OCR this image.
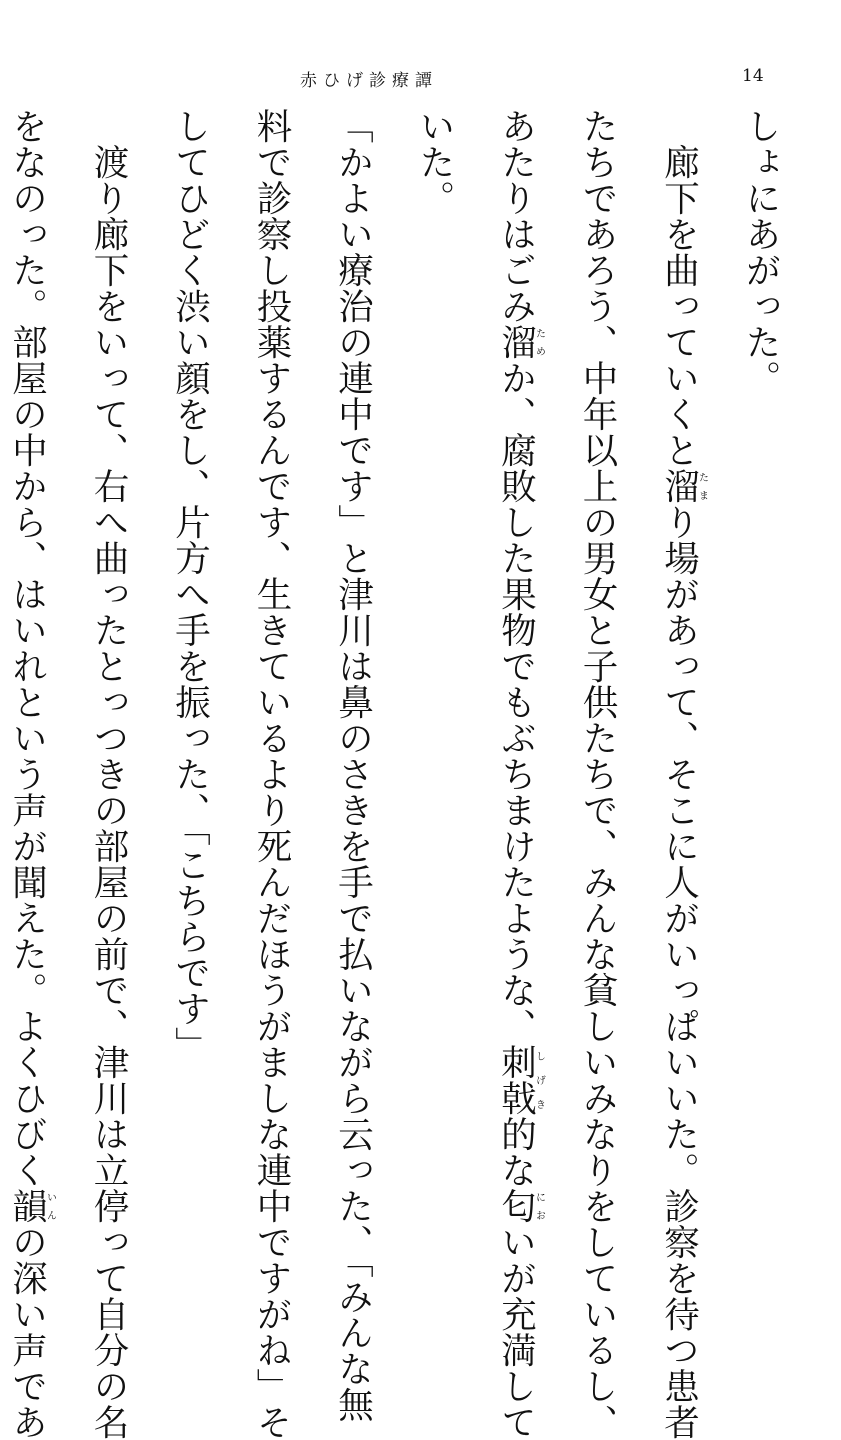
赤ひげ診療譚	14
しょにあがった。
　廊下を曲っていくと溜たまり場があって、そこに人がいっぱいいた。診察を待つ患者
たちであろう、中年以上の男女と子供たちで、みんな貧しいみなりをしているし、
あたりはごみ溜ためか、腐敗した果物でもぶちまけたような、刺戟しげき的な匂においが充満して
いた。
「かよい療治の連中です」と津川は鼻のさきを手で払いながら云った、「みんな無
料で診察し投薬するんです、生きているより死んだほうがましな連中ですがね」そ
してひどく渋い顔をし、片方へ手を振った、「こちらです」
　渡り廊下をいって、右へ曲ったとっつきの部屋の前で、津川は立停って自分の名
をなのった。部屋の中から、はいれという声が聞えた。よくひびく韻いんの深い声であ
